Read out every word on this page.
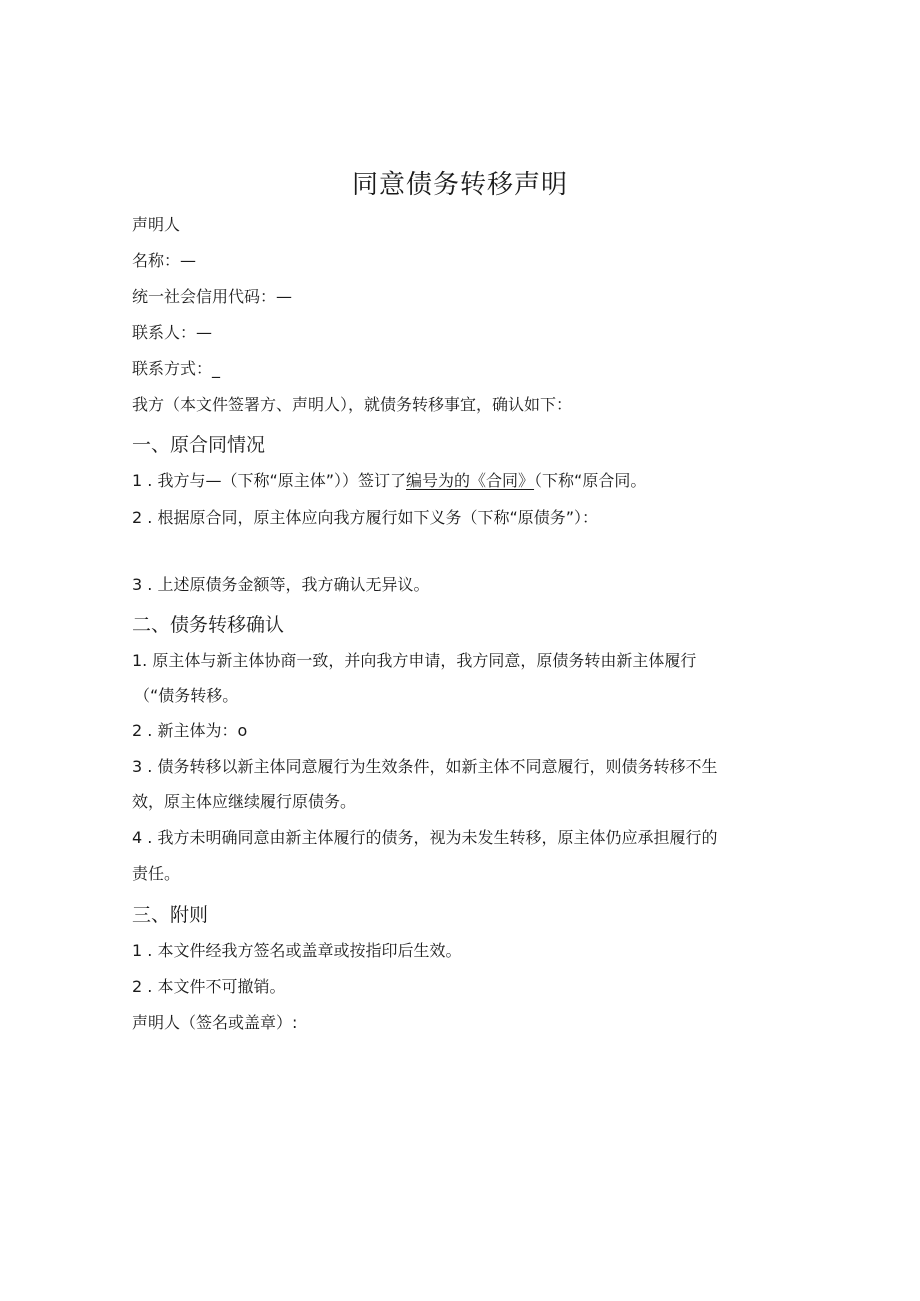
同意债务转移声明
声明人
名称：—
统一社会信用代码：—
联系人：—
联系方式：_
我方（本文件签署方、声明人），就债务转移事宜，确认如下：
一、原合同情况
1 . 我方与—（下称“原主体”））签订了编号为的《合同》（下称“原合同。
2 . 根据原合同，原主体应向我方履行如下义务（下称“原债务”）：
3 . 上述原债务金额等，我方确认无异议。
二、债务转移确认
1. 原主体与新主体协商一致，并向我方申请，我方同意，原债务转由新主体履行
（“债务转移。
2 . 新主体为：o
3 . 债务转移以新主体同意履行为生效条件，如新主体不同意履行，则债务转移不生
效，原主体应继续履行原债务。
4 . 我方未明确同意由新主体履行的债务，视为未发生转移，原主体仍应承担履行的
责任。
三、附则
1 . 本文件经我方签名或盖章或按指印后生效。
2 . 本文件不可撤销。
声明人（签名或盖章）:
